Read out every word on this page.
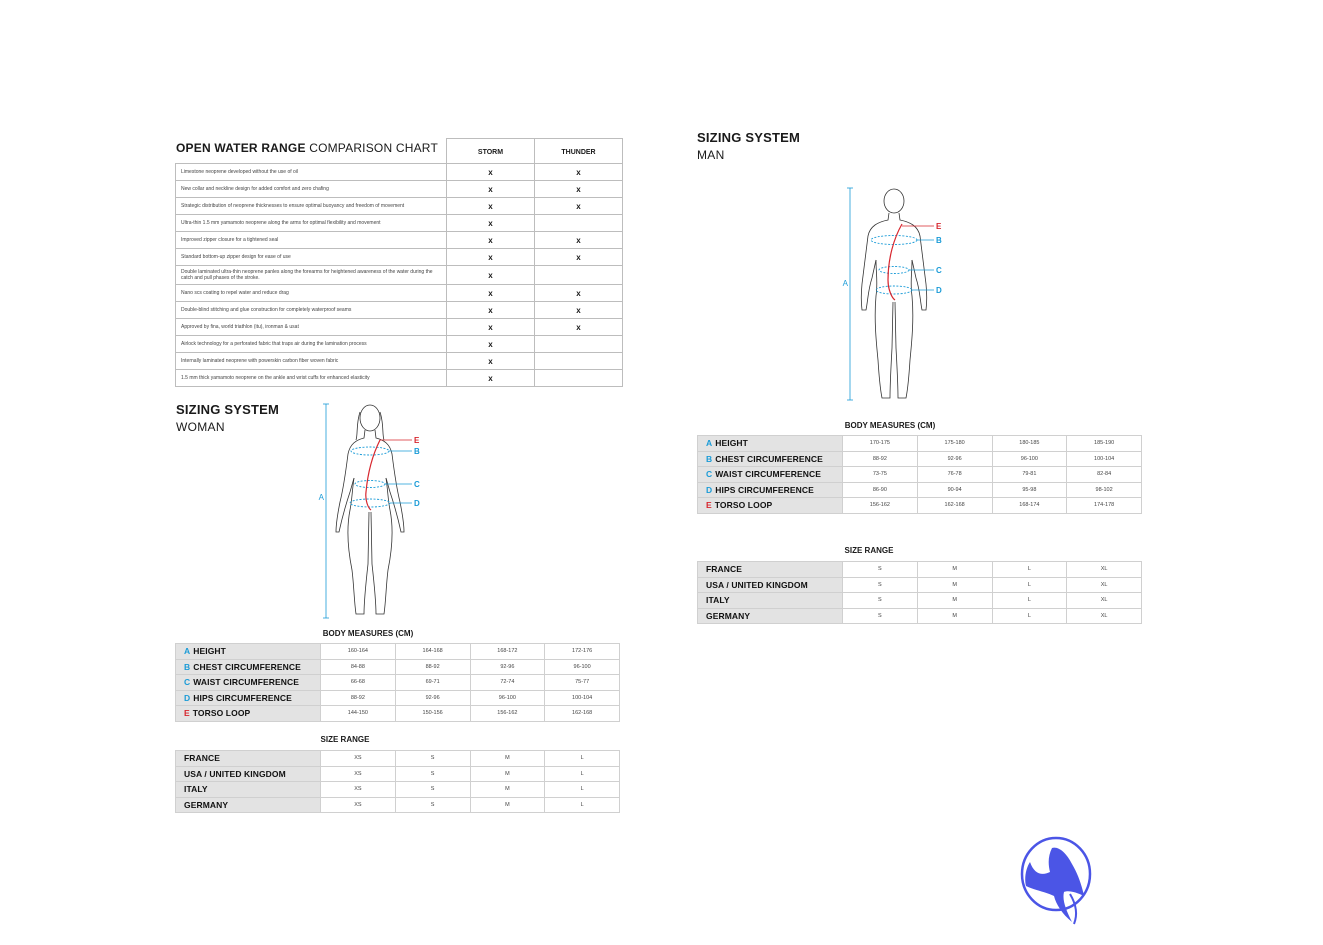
	STORM	THUNDER
Limestone neoprene developed without the use of oil	x	x
New collar and neckline design for added comfort and zero chafing	x	x
Strategic distribution of neoprene thicknesses to ensure optimal buoyancy and freedom of movement	x	x
Ultra-thin 1.5 mm yamamoto neoprene along the arms for optimal flexibility and movement	x	
Improved zipper closure for a tightened seal	x	x
Standard bottom-up zipper design for ease of use	x	x
Double laminated ultra-thin neoprene panles along the forearms for heightened awareness of the water during the catch and pull phases of the stroke.	x	
Nano scs coating to repel water and reduce drag	x	x
Double-blind stitching and glue construction for completely waterproof seams	x	x
Approved by fina, world triathlon (itu), ironman & usat	x	x
Airlock technology for a perforated fabric that traps air during the lamination process	x	
Internally laminated neoprene with powerskin carbon fiber woven fabric	x	
1.5 mm thick yamamoto neoprene on the ankle and wrist cuffs for enhanced elasticity	x	
OPEN WATER RANGE COMPARISON CHART
SIZING SYSTEM
WOMAN
A
B
C
D
E
BODY MEASURES (CM)
A HEIGHT	160-164	164-168	168-172	172-176
B CHEST CIRCUMFERENCE	84-88	88-92	92-96	96-100
C WAIST CIRCUMFERENCE	66-68	69-71	72-74	75-77
D HIPS CIRCUMFERENCE	88-92	92-96	96-100	100-104
E TORSO LOOP	144-150	150-156	156-162	162-168
SIZE RANGE
FRANCE	XS	S	M	L
USA / UNITED KINGDOM	XS	S	M	L
ITALY	XS	S	M	L
GERMANY	XS	S	M	L
SIZING SYSTEM
MAN
A
B
C
D
E
BODY MEASURES (CM)
A HEIGHT	170-175	175-180	180-185	185-190
B CHEST CIRCUMFERENCE	88-92	92-96	96-100	100-104
C WAIST CIRCUMFERENCE	73-75	76-78	79-81	82-84
D HIPS CIRCUMFERENCE	86-90	90-94	95-98	98-102
E TORSO LOOP	156-162	162-168	168-174	174-178
SIZE RANGE
FRANCE	S	M	L	XL
USA / UNITED KINGDOM	S	M	L	XL
ITALY	S	M	L	XL
GERMANY	S	M	L	XL
